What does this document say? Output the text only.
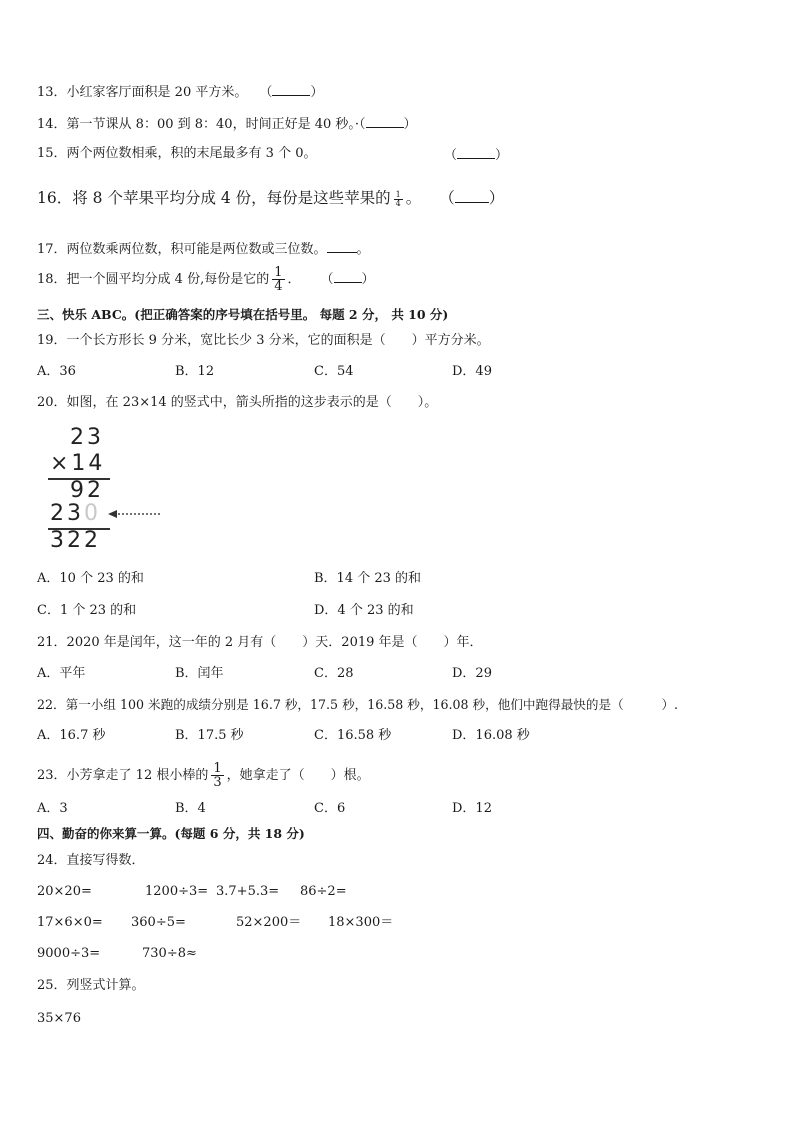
13．小红家客厅面积是 20 平方米。 （	）
14．第一节课从 8：00 到 8：40，时间正好是 40 秒。·（	）
15．两个两位数相乘，积的末尾最多有 3 个 0。	（	）
16．将 8 个苹果平均分成 4 份，每份是这些苹果的 $\frac{1}{4}$ 。 （ ）
17．两位数乘两位数，积可能是两位数或三位数。 。
18．把一个圆平均分成 4 份,每份是它的 $\frac{1}{4}$ ． （ ）
三、快乐 ABC。(把正确答案的序号填在括号里。 每题 2 分， 共 10 分)
19．一个长方形长 9 分米，宽比长少 3 分米，它的面积是（　　）平方分米。
A．36	B．12	C．54	D．49
20．如图，在 23×14 的竖式中，箭头所指的这步表示的是（　　）。
23
×14
92
230
322
A．10 个 23 的和	B．14 个 23 的和
C．1 个 23 的和	D．4 个 23 的和
21．2020 年是闰年，这一年的 2 月有（　　）天．2019 年是（　　）年．
A．平年	B．闰年	C．28	D．29
22．第一小组 100 米跑的成绩分别是 16.7 秒，17.5 秒，16.58 秒，16.08 秒，他们中跑得最快的是（　　　）.
A．16.7 秒	B．17.5 秒	C．16.58 秒	D．16.08 秒
23．小芳拿走了 12 根小棒的 $\frac{1}{3}$ ，她拿走了（　　）根。
A．3	B．4	C．6	D．12
四、勤奋的你来算一算。(每题 6 分，共 18 分)
24．直接写得数．
20×20=	1200÷3= 3.7+5.3= 86÷2=
17×6×0= 360÷5=	52×200＝ 18×300＝
9000÷3=	730÷8≈
25．列竖式计算。
35×76
